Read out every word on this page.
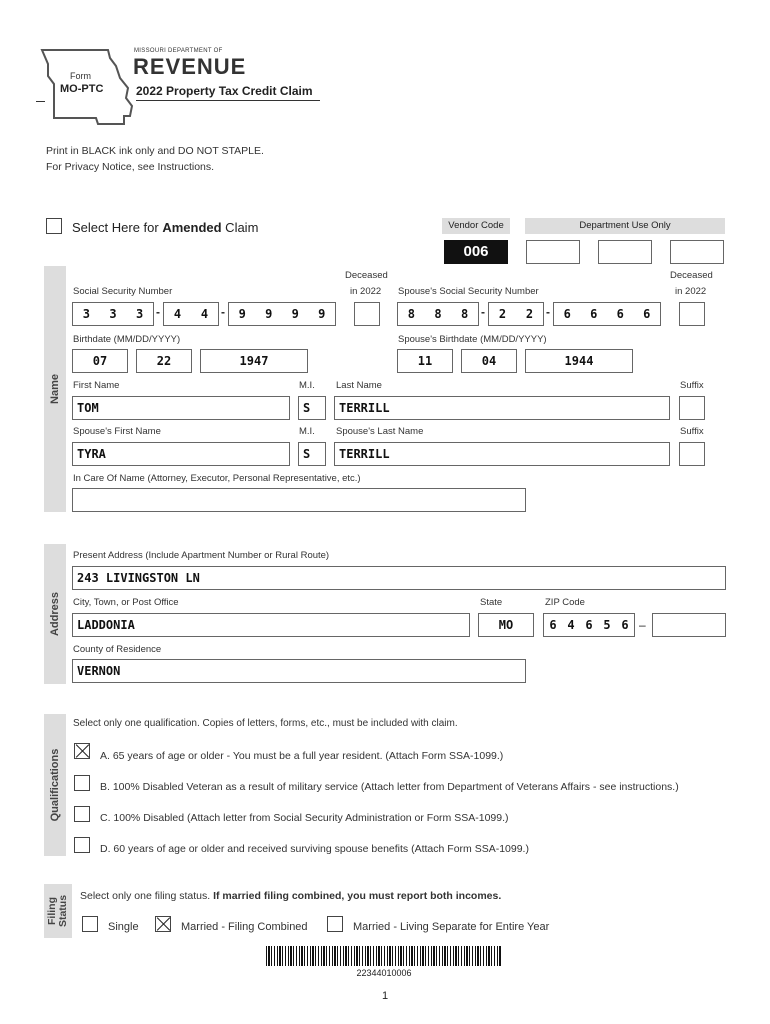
MISSOURI DEPARTMENT OF
REVENUE
Form
MO-PTC	2022 Property Tax Credit Claim
Print in BLACK ink only and DO NOT STAPLE.
For Privacy Notice, see Instructions.
Select Here for Amended Claim	Vendor Code
006
Department Use Only
Name
Social Security Number
Deceased
in 2022 Spouse's Social Security Number
Deceased
in 2022
3 3 3 - 4 4 - 9 9 9 9	8 8 8 - 2 2 - 6 6 6 6
Birthdate (MM/DD/YYYY)	Spouse's Birthdate (MM/DD/YYYY)
07	22	1947	11	04	1944
First Name	M.I. Last Name	Suffix
TOM	S	TERRILL
Spouse's First Name	M.I. Spouse's Last Name	Suffix
TYRA	S	TERRILL
In Care Of Name (Attorney, Executor, Personal Representative, etc.)
Address
Present Address (Include Apartment Number or Rural Route)
243 LIVINGSTON LN
City, Town, or Post Office	State	ZIP Code
LADDONIA	MO	6 4 6 5 6 –
County of Residence
VERNON
Qualifications
Select only one qualification. Copies of letters, forms, etc., must be included with claim.
A. 65 years of age or older - You must be a full year resident. (Attach Form SSA-1099.)
B. 100% Disabled Veteran as a result of military service (Attach letter from Department of Veterans Affairs - see instructions.)
C. 100% Disabled (Attach letter from Social Security Administration or Form SSA-1099.)
D. 60 years of age or older and received surviving spouse benefits (Attach Form SSA-1099.)
Filing Status Select only one filing status. If married filing combined, you must report both incomes.
Single	Married - Filing Combined	Married - Living Separate for Entire Year
22344010006
1
